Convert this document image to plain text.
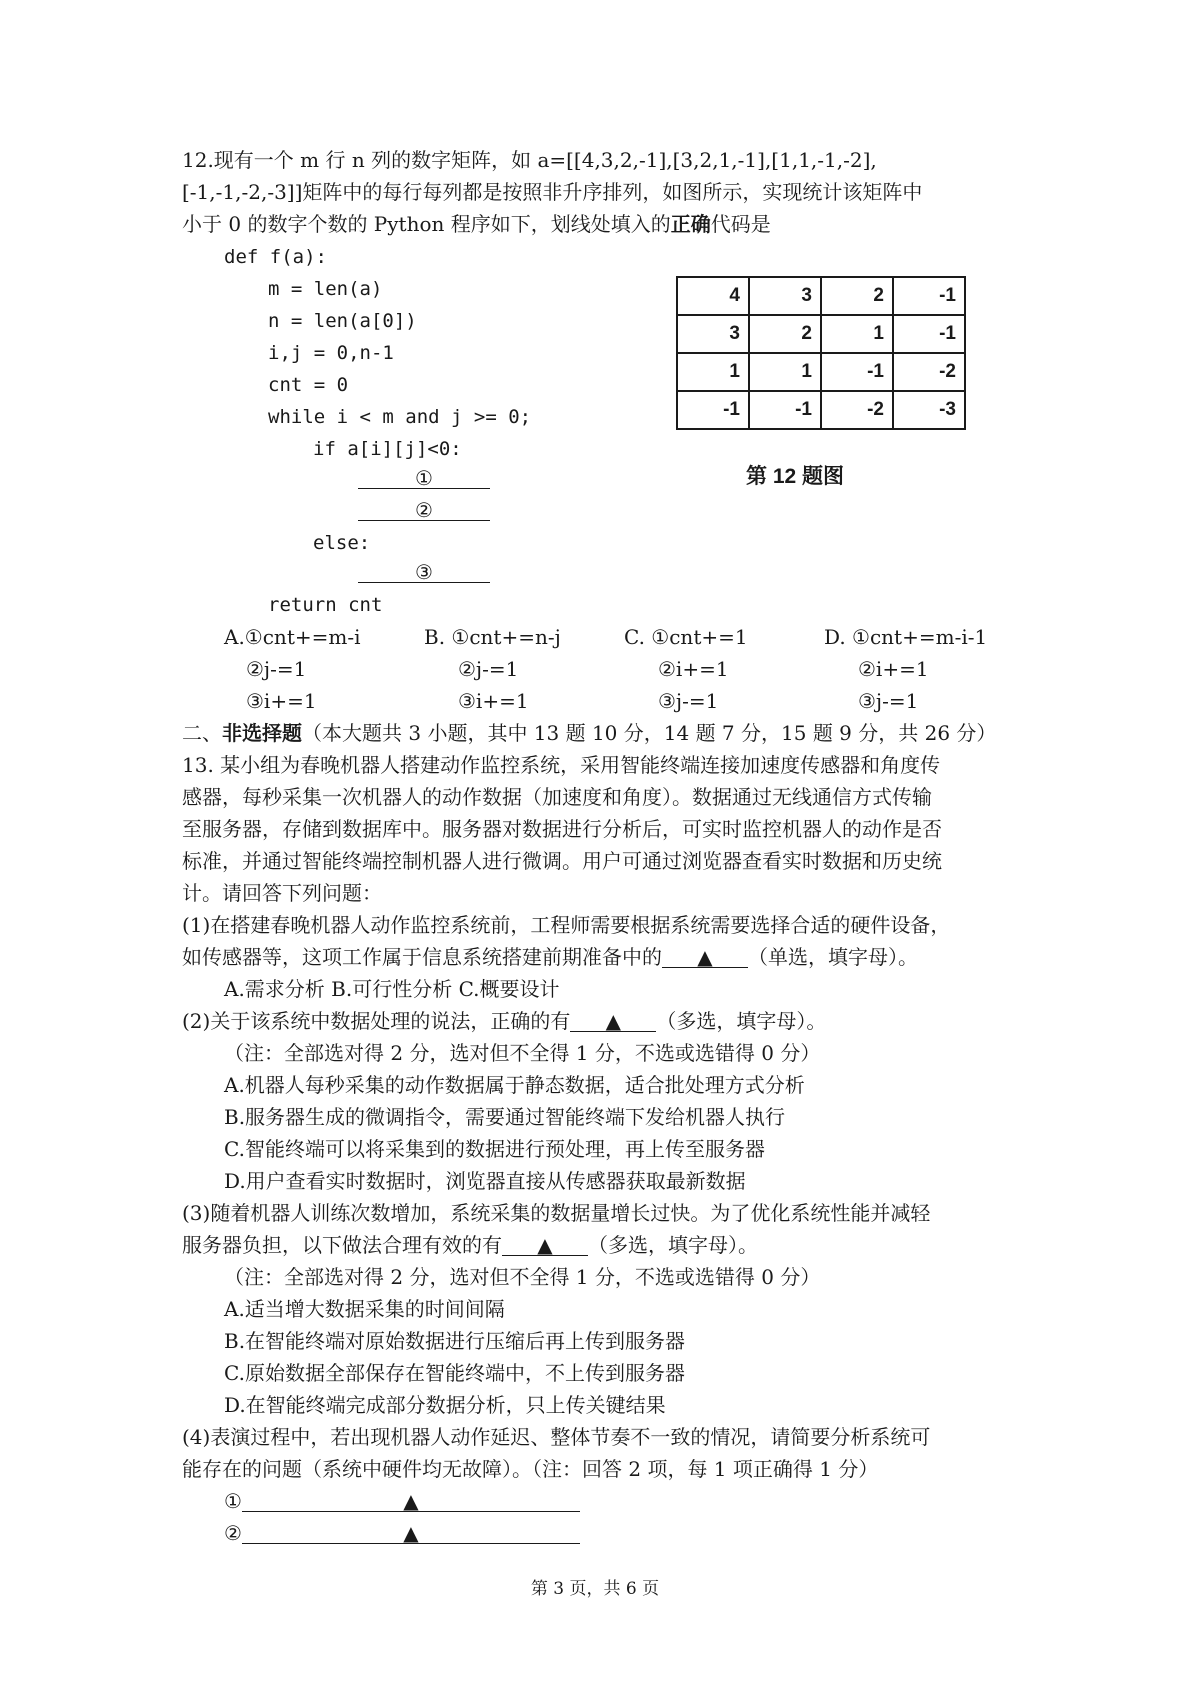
12.现有一个 m 行 n 列的数字矩阵，如 a=[[4,3,2,-1],[3,2,1,-1],[1,1,-1,-2],
[-1,-1,-2,-3]]矩阵中的每行每列都是按照非升序排列，如图所示，实现统计该矩阵中
小于 0 的数字个数的 Python 程序如下，划线处填入的正确代码是
def f(a):
m = len(a)
n = len(a[0])
i,j = 0,n-1
cnt = 0
while i < m and j >= 0;
if a[i][j]<0:
①
②
else:
③
return cnt
4	3	2	-1
3	2	1	-1
1	1	-1	-2
-1	-1	-2	-3
第 12 题图
A.①cnt+=m-i
②j-=1
③i+=1
B. ①cnt+=n-j
②j-=1
③i+=1
C. ①cnt+=1
②i+=1
③j-=1
D. ①cnt+=m-i-1
②i+=1
③j-=1
二、非选择题（本大题共 3 小题，其中 13 题 10 分，14 题 7 分，15 题 9 分，共 26 分）
13. 某小组为春晚机器人搭建动作监控系统，采用智能终端连接加速度传感器和角度传
感器，每秒采集一次机器人的动作数据（加速度和角度）。数据通过无线通信方式传输
至服务器，存储到数据库中。服务器对数据进行分析后，可实时监控机器人的动作是否
标准，并通过智能终端控制机器人进行微调。用户可通过浏览器查看实时数据和历史统
计。请回答下列问题：
(1)在搭建春晚机器人动作监控系统前，工程师需要根据系统需要选择合适的硬件设备，
如传感器等，这项工作属于信息系统搭建前期准备中的 ▲ （单选，填字母）。
A.需求分析 B.可行性分析 C.概要设计
(2)关于该系统中数据处理的说法，正确的有 ▲ （多选，填字母）。
（注：全部选对得 2 分，选对但不全得 1 分，不选或选错得 0 分）
A.机器人每秒采集的动作数据属于静态数据，适合批处理方式分析
B.服务器生成的微调指令，需要通过智能终端下发给机器人执行
C.智能终端可以将采集到的数据进行预处理，再上传至服务器
D.用户查看实时数据时，浏览器直接从传感器获取最新数据
(3)随着机器人训练次数增加，系统采集的数据量增长过快。为了优化系统性能并减轻
服务器负担，以下做法合理有效的有 ▲ （多选，填字母）。
（注：全部选对得 2 分，选对但不全得 1 分，不选或选错得 0 分）
A.适当增大数据采集的时间间隔
B.在智能终端对原始数据进行压缩后再上传到服务器
C.原始数据全部保存在智能终端中，不上传到服务器
D.在智能终端完成部分数据分析，只上传关键结果
(4)表演过程中，若出现机器人动作延迟、整体节奏不一致的情况，请简要分析系统可
能存在的问题（系统中硬件均无故障）。（注：回答 2 项，每 1 项正确得 1 分）
①	▲
②	▲
第 3 页，共 6 页
